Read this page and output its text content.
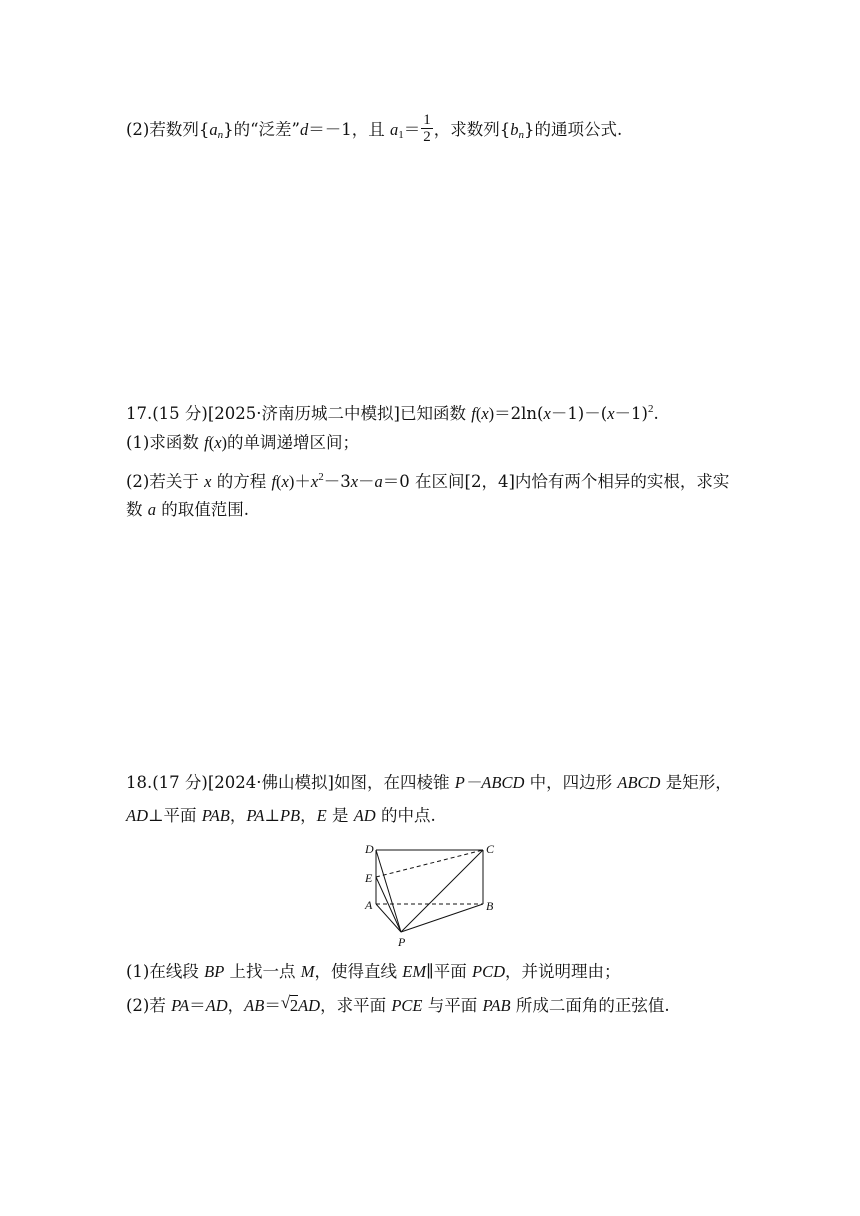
(2)若数列$\{a_n\}$的“泛差”d＝－1，且 $a_1= \frac{1}{2}$ ，求数列$\{b_n\}$的通项公式.
17.(15 分)[2025·济南历城二中模拟]已知函数 $f(x)=2\ln(x-1)-(x-1)^2$.
(1)求函数 f(x)的单调递增区间；
(2)若关于 x 的方程 $f(x)+x^2-3x-a=0$ 在区间[2，4]内恰有两个相异的实根，求实
数 a 的取值范围.
18.(17 分)[2024·佛山模拟]如图，在四棱锥 P－ABCD 中，四边形 ABCD 是矩形，
AD⊥平面 PAB，PA⊥PB，E 是 AD 的中点.
D	C
E
A	B
P
(1)在线段 BP 上找一点 M，使得直线 EM∥平面 PCD，并说明理由；
(2)若 PA＝AD，AB＝ √ 2AD，求平面 PCE 与平面 PAB 所成二面角的正弦值.
